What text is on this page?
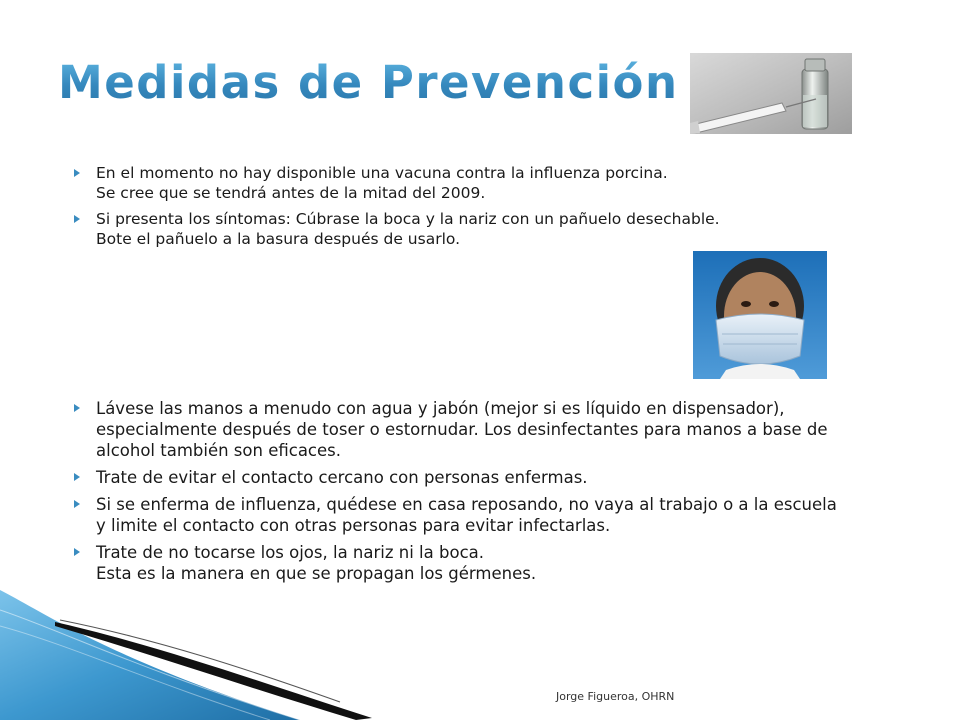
Medidas de Prevención
En el momento no hay disponible una vacuna contra la influenza porcina.
Se cree que se tendrá antes de la mitad del 2009.
Si presenta los síntomas: Cúbrase la boca y la nariz con un pañuelo desechable.
Bote el pañuelo a la basura después de usarlo.
Lávese las manos a menudo con agua y jabón (mejor si es líquido en dispensador),
especialmente después de toser o estornudar. Los desinfectantes para manos a base de
alcohol también son eficaces.
Trate de evitar el contacto cercano con personas enfermas.
Si se enferma de influenza, quédese en casa reposando, no vaya al trabajo o a la escuela
y limite el contacto con otras personas para evitar infectarlas.
Trate de no tocarse los ojos, la nariz ni la boca.
Esta es la manera en que se propagan los gérmenes.
Jorge Figueroa, OHRN
